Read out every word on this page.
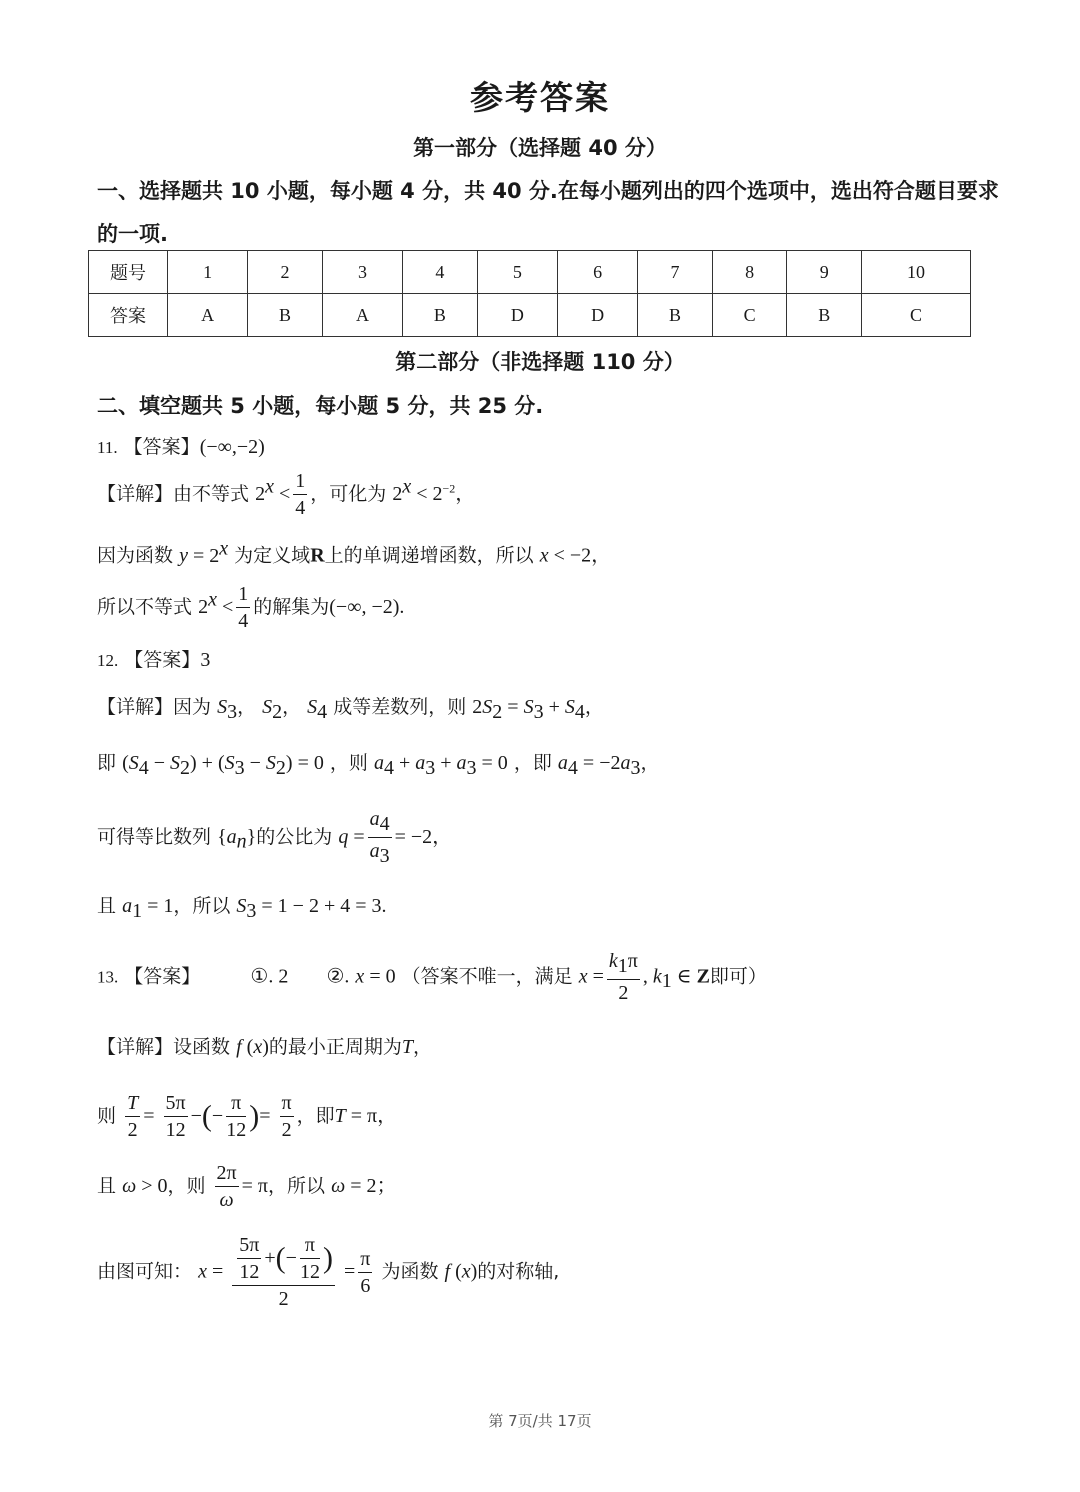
参考答案
第一部分（选择题 40 分）
一、选择题共 10 小题，每小题 4 分，共 40 分.在每小题列出的四个选项中，选出符合题目要求
的一项.
题号	1	2	3	4	5	6	7	8	9	10
答案	A	B	A	B	D	D	B	C	B	C
第二部分（非选择题 110 分）
二、填空题共 5 小题，每小题 5 分，共 25 分.
11. 【答案】(−∞,−2)
【详解】由不等式 $2^x < \frac{1}{4}$ ，可化为 $2^x < 2^{-2}$，
因为函数 $y = 2^x$ 为定义域R上的单调递增函数，所以 x < −2，
所以不等式 $2^x < \frac{1}{4}$ 的解集为(−∞, −2).
12. 【答案】3
【详解】因为 $S_3$， $S_2$， $S_4$ 成等差数列，则 $2S_2 = S_3 + S_4$，
即 $(S_4 - S_2) + (S_3 - S_2) = 0$ ，则 $a_4 + a_3 + a_3 = 0$ ，即 $a_4 = -2a_3$，
可得等比数列 $\{a_n\}$的公比为 $q = \frac{a_4}{a_3} = -2$，
且 $a_1 = 1$，所以 $S_3 = 1 - 2 + 4 = 3$.
13. 【答案】	①. 2 ②. x = 0 （答案不唯一，满足 $x = \frac{k_1\pi}{2}$ , $k_1$ ∈ Z即可）
【详解】设函数 f (x)的最小正周期为T，
则 $\frac{T}{2} = \frac{5\pi}{12}$ −(− $\frac{\pi}{12}$ )= $\frac{\pi}{2}$ ，即T = π，
且 ω > 0，则 $\frac{2\pi}{\omega} = \pi$，所以 ω = 2；
由图可知： $x = \frac{\frac{5\pi}{12} +(- \frac{\pi}{12} )}{2} = \frac{\pi}{6}$ 为函数 f (x)的对称轴,
第 7页/共 17页
